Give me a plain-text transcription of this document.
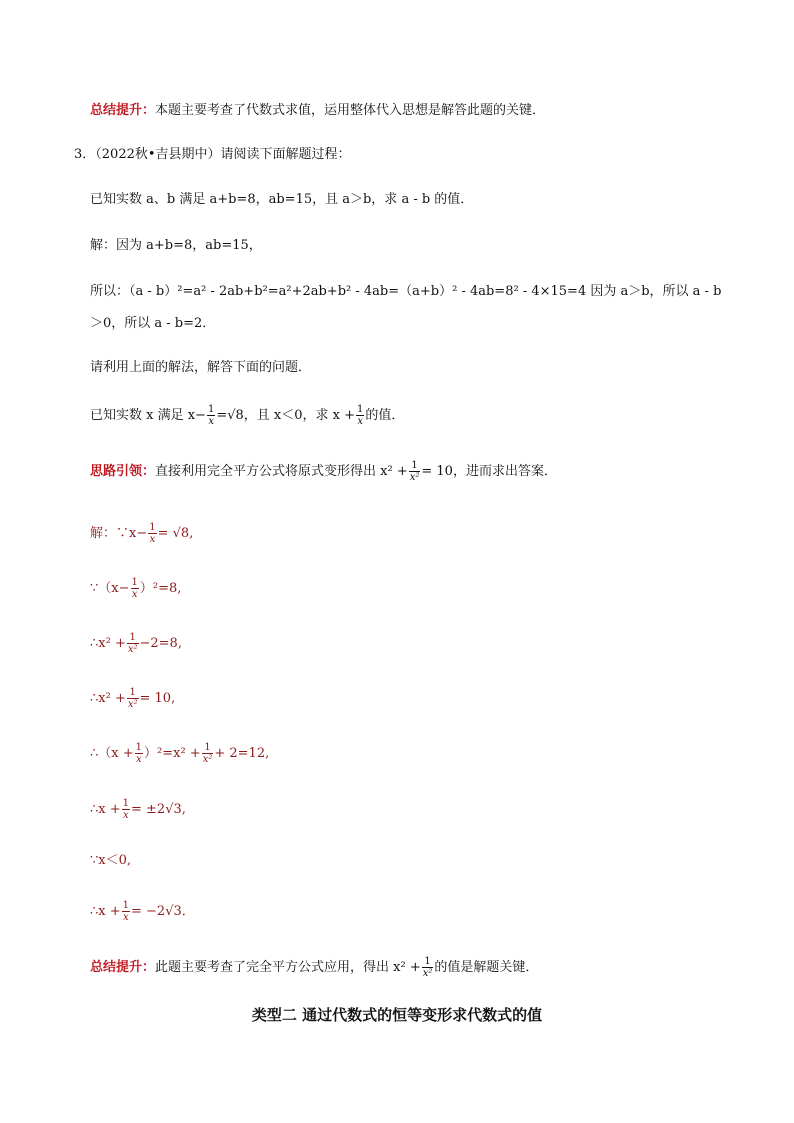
总结提升：本题主要考查了代数式求值，运用整体代入思想是解答此题的关键．
3．（2022秋•吉县期中）请阅读下面解题过程：
已知实数 a、b 满足 a+b=8，ab=15，且 a＞b，求 a - b 的值．
解：因为 a+b=8，ab=15，
所以：（a - b）²=a² - 2ab+b²=a²+2ab+b² - 4ab=（a+b）² - 4ab=8² - 4×15=4 因为 a＞b，所以 a - b
＞0，所以 a - b=2．
请利用上面的解法，解答下面的问题．
已知实数 x 满足 $x- \frac{1}{x} =√8$，且 x＜0，求 $x + \frac{1}{x}$ 的值．
思路引领：直接利用完全平方公式将原式变形得出 $x^2 + \frac{1}{\text{x²}} = 10$，进而求出答案．
解：∵x− $\frac{1}{x} = √8$,
∵（x− $\frac{1}{x} )^2=8$,
∴x² + $\frac{1}{\text{x²}} -2=8$,
∴x² + $\frac{1}{\text{x²}} = 10$,
∴（x + $\frac{1}{x} )^2=x^2 + \frac{1}{\text{x²}} + 2=12$,
∴x + $\frac{1}{x} = \pm 2√3$,
∵x＜0,
∴x + $\frac{1}{x} = -2√3$．
总结提升：此题主要考查了完全平方公式应用，得出 $x^2 + \frac{1}{\text{x²}}$ 的值是解题关键．
类型二 通过代数式的恒等变形求代数式的值
